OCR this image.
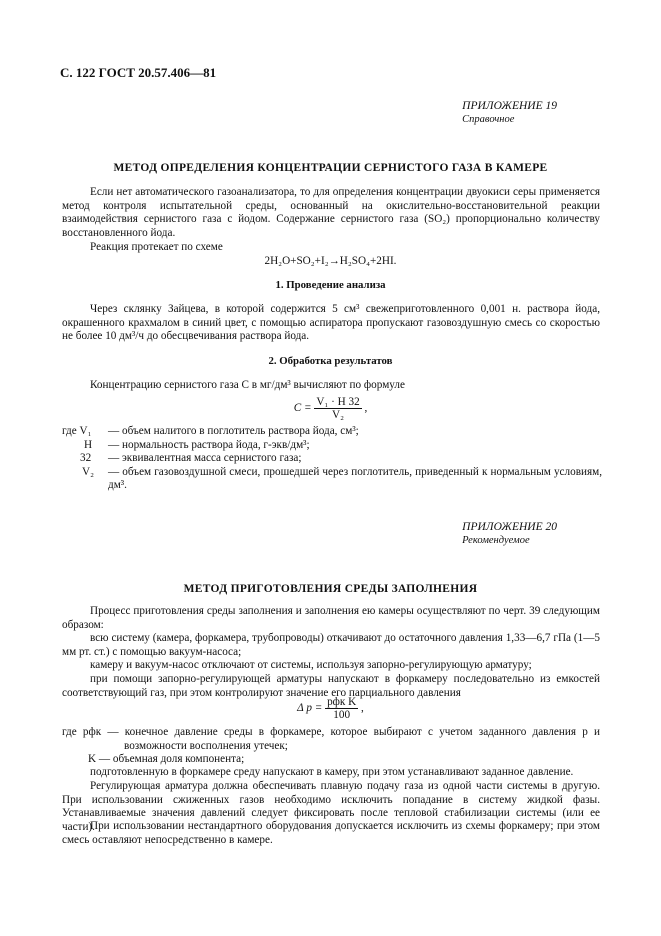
С. 122 ГОСТ 20.57.406—81
ПРИЛОЖЕНИЕ 19
Справочное
МЕТОД ОПРЕДЕЛЕНИЯ КОНЦЕНТРАЦИИ СЕРНИСТОГО ГАЗА В КАМЕРЕ
Если нет автоматического газоанализатора, то для определения концентрации двуокиси серы применяется метод контроля испытательной среды, основанный на окислительно-восстановительной реакции взаимодействия сернистого газа с йодом. Содержание сернистого газа (SO₂) пропорционально количеству восстановленного йода.
Реакция протекает по схеме
2H₂O+SO₂+I₂→H₂SO₄+2HI.
1. Проведение анализа
Через склянку Зайцева, в которой содержится 5 см³ свежеприготовленного 0,001 н. раствора йода, окрашенного крахмалом в синий цвет, с помощью аспиратора пропускают газовоздушную смесь со скоростью не более 10 дм³/ч до обесцвечивания раствора йода.
2. Обработка результатов
Концентрацию сернистого газа С в мг/дм³ вычисляют по формуле
$C = \frac{\text{V₁ · H 32}}{\text{V₂}}$ ,
где V₁	— объем налитого в поглотитель раствора йода, см³;
H — нормальность раствора йода, г-экв/дм³;
32 — эквивалентная масса сернистого газа;
V₂ — объем газовоздушной смеси, прошедшей через поглотитель, приведенный к нормальным условиям, дм³.
ПРИЛОЖЕНИЕ 20
Рекомендуемое
МЕТОД ПРИГОТОВЛЕНИЯ СРЕДЫ ЗАПОЛНЕНИЯ
Процесс приготовления среды заполнения и заполнения ею камеры осуществляют по черт. 39 следующим образом:
всю систему (камера, форкамера, трубопроводы) откачивают до остаточного давления 1,33—6,7 гПа (1—5 мм рт. ст.) с помощью вакуум-насоса;
камеру и вакуум-насос отключают от системы, используя запорно-регулирующую арматуру;
при помощи запорно-регулирующей арматуры напускают в форкамеру последовательно из емкостей соответствующий газ, при этом контролируют значение его парциального давления
Δ $p = \frac{\text{pфк K}}{100}$ ,
где pфк — конечное давление среды в форкамере, которое выбирают с учетом заданного давления p и возможности восполнения утечек;
K — объемная доля компонента;
подготовленную в форкамере среду напускают в камеру, при этом устанавливают заданное давление.
Регулирующая арматура должна обеспечивать плавную подачу газа из одной части системы в другую. При использовании сжиженных газов необходимо исключить попадание в систему жидкой фазы. Устанавливаемые значения давлений следует фиксировать после тепловой стабилизации системы (или ее части).
При использовании нестандартного оборудования допускается исключить из схемы форкамеру; при этом смесь оставляют непосредственно в камере.
